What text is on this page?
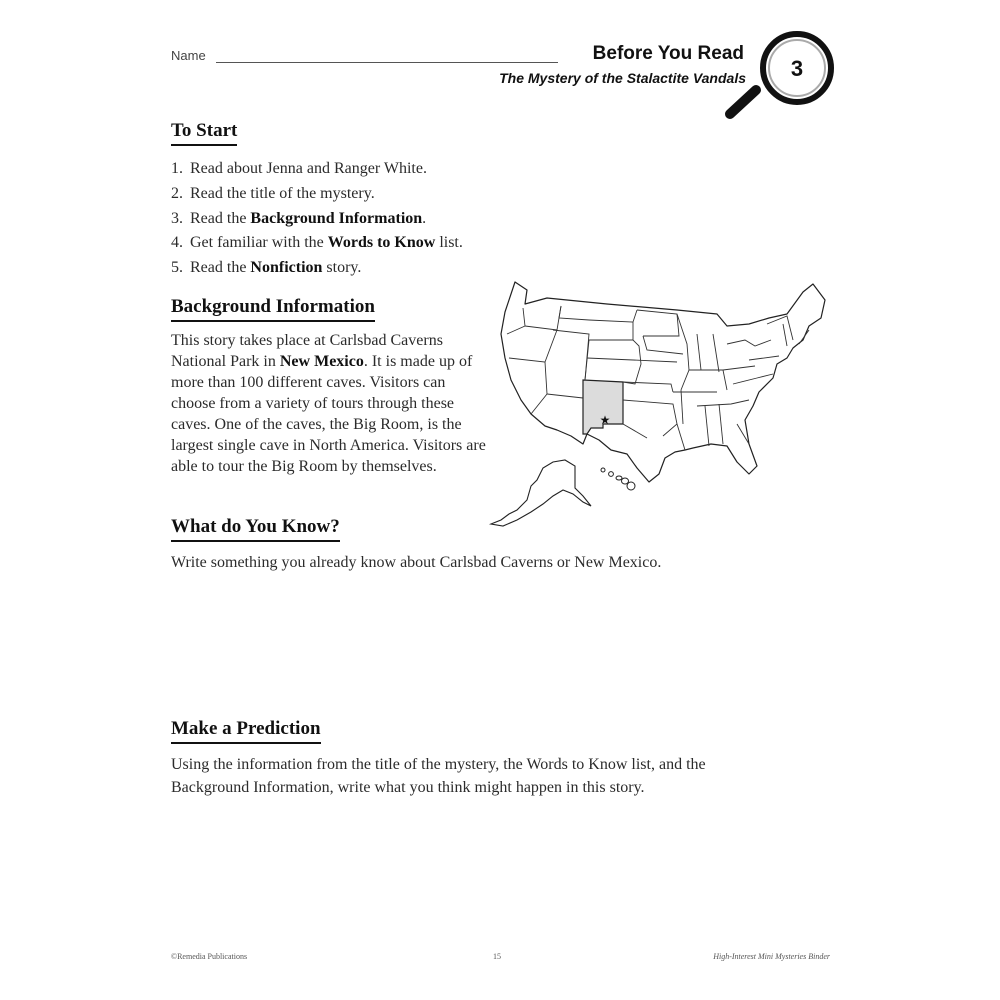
Name	Before You Read
The Mystery of the Stalactite Vandals 3
To Start
1. Read about Jenna and Ranger White.
2. Read the title of the mystery.
3. Read the Background Information.
4. Get familiar with the Words to Know list.
5. Read the Nonfiction story.
Background Information
This story takes place at Carlsbad Caverns National Park in New Mexico. It is made up of more than 100 different caves. Visitors can choose from a variety of tours through these caves. One of the caves, the Big Room, is the largest single cave in North America. Visitors are able to tour the Big Room by themselves.
★
What do You Know?
Write something you already know about Carlsbad Caverns or New Mexico.
Make a Prediction
Using the information from the title of the mystery, the Words to Know list, and the
Background Information, write what you think might happen in this story.
©Remedia Publications	15	High-Interest Mini Mysteries Binder
